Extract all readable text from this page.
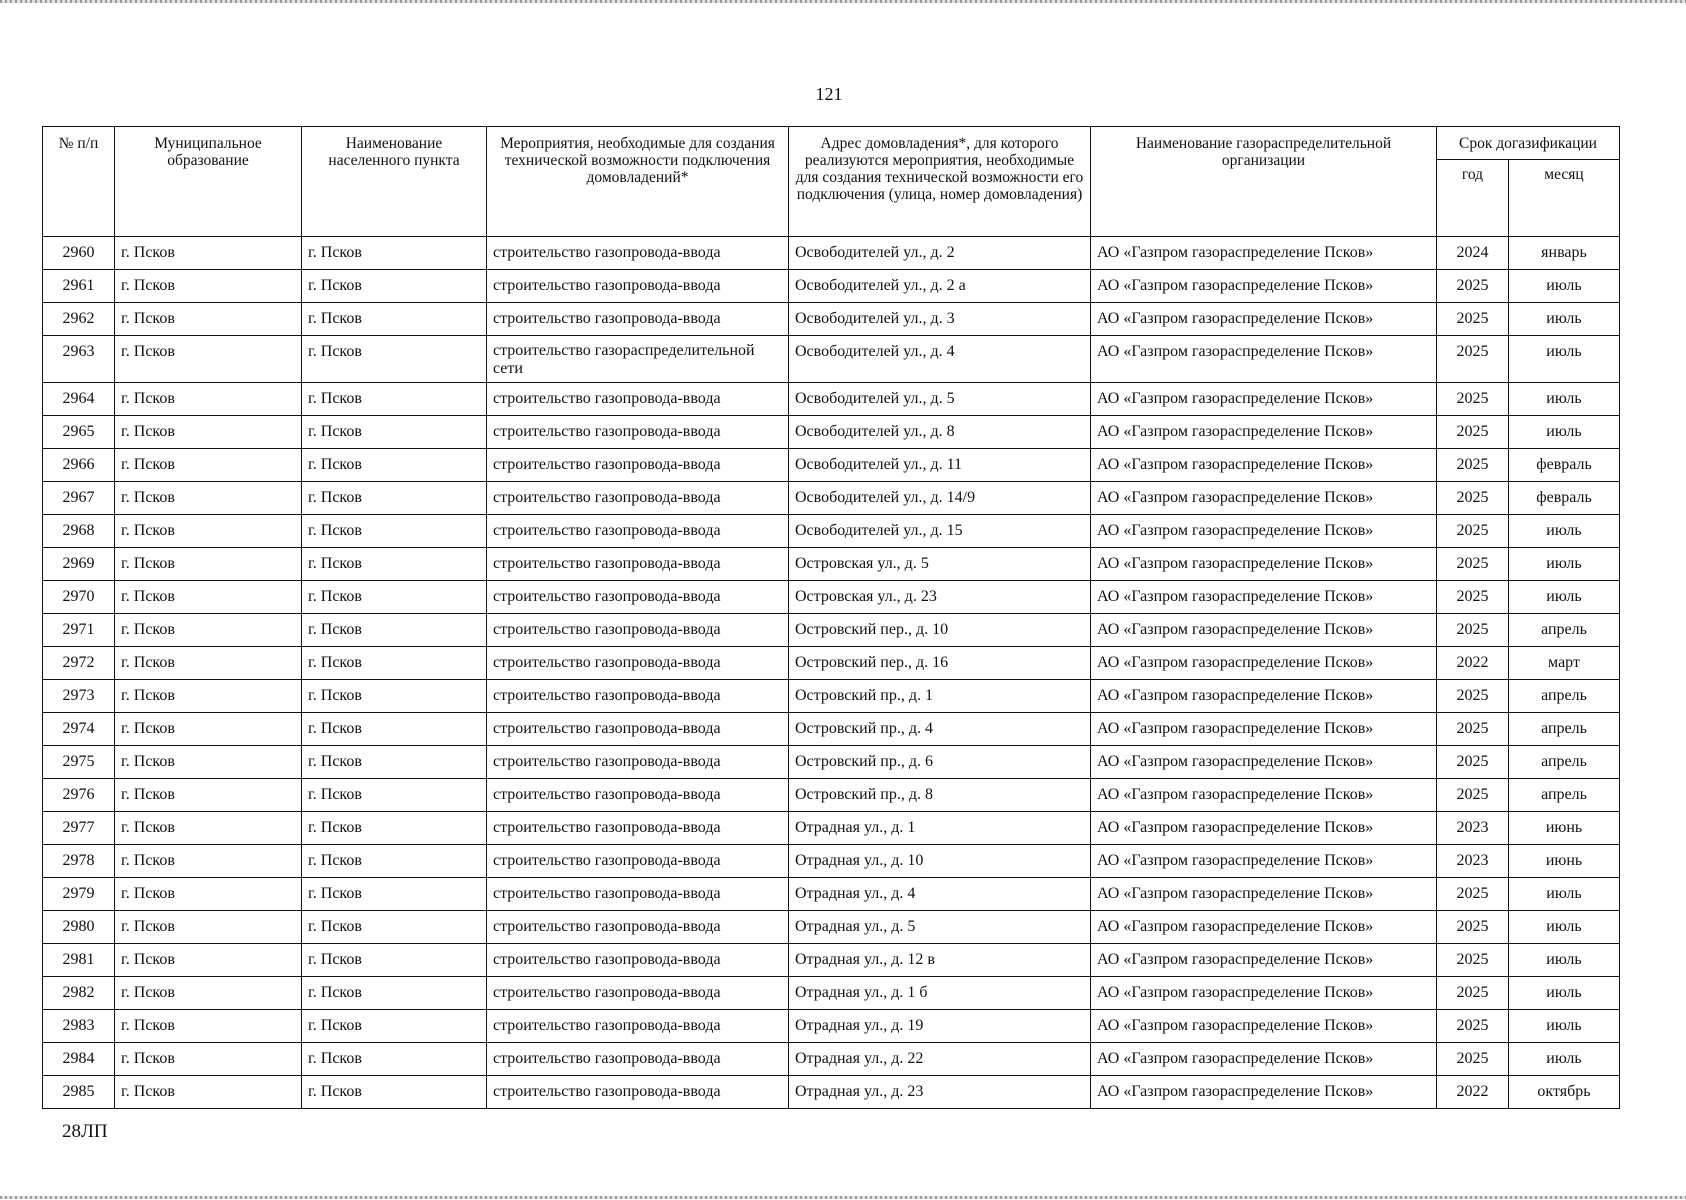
121
№ п/п	Муниципальное образование	Наименование населенного пункта	Мероприятия, необходимые для создания технической возможности подключения домовладений*	Адрес домовладения*, для которого реализуются мероприятия, необходимые для создания технической возможности его подключения (улица, номер домовладения)	Наименование газораспределительной организации	Срок догазификации	
						год	месяц
2960	г. Псков	г. Псков	строительство газопровода-ввода	Освободителей ул., д. 2	АО «Газпром газораспределение Псков»	2024	январь
2961	г. Псков	г. Псков	строительство газопровода-ввода	Освободителей ул., д. 2 а	АО «Газпром газораспределение Псков»	2025	июль
2962	г. Псков	г. Псков	строительство газопровода-ввода	Освободителей ул., д. 3	АО «Газпром газораспределение Псков»	2025	июль
2963	г. Псков	г. Псков	строительство газораспределительной сети	Освободителей ул., д. 4	АО «Газпром газораспределение Псков»	2025	июль
2964	г. Псков	г. Псков	строительство газопровода-ввода	Освободителей ул., д. 5	АО «Газпром газораспределение Псков»	2025	июль
2965	г. Псков	г. Псков	строительство газопровода-ввода	Освободителей ул., д. 8	АО «Газпром газораспределение Псков»	2025	июль
2966	г. Псков	г. Псков	строительство газопровода-ввода	Освободителей ул., д. 11	АО «Газпром газораспределение Псков»	2025	февраль
2967	г. Псков	г. Псков	строительство газопровода-ввода	Освободителей ул., д. 14/9	АО «Газпром газораспределение Псков»	2025	февраль
2968	г. Псков	г. Псков	строительство газопровода-ввода	Освободителей ул., д. 15	АО «Газпром газораспределение Псков»	2025	июль
2969	г. Псков	г. Псков	строительство газопровода-ввода	Островская ул., д. 5	АО «Газпром газораспределение Псков»	2025	июль
2970	г. Псков	г. Псков	строительство газопровода-ввода	Островская ул., д. 23	АО «Газпром газораспределение Псков»	2025	июль
2971	г. Псков	г. Псков	строительство газопровода-ввода	Островский пер., д. 10	АО «Газпром газораспределение Псков»	2025	апрель
2972	г. Псков	г. Псков	строительство газопровода-ввода	Островский пер., д. 16	АО «Газпром газораспределение Псков»	2022	март
2973	г. Псков	г. Псков	строительство газопровода-ввода	Островский пр., д. 1	АО «Газпром газораспределение Псков»	2025	апрель
2974	г. Псков	г. Псков	строительство газопровода-ввода	Островский пр., д. 4	АО «Газпром газораспределение Псков»	2025	апрель
2975	г. Псков	г. Псков	строительство газопровода-ввода	Островский пр., д. 6	АО «Газпром газораспределение Псков»	2025	апрель
2976	г. Псков	г. Псков	строительство газопровода-ввода	Островский пр., д. 8	АО «Газпром газораспределение Псков»	2025	апрель
2977	г. Псков	г. Псков	строительство газопровода-ввода	Отрадная ул., д. 1	АО «Газпром газораспределение Псков»	2023	июнь
2978	г. Псков	г. Псков	строительство газопровода-ввода	Отрадная ул., д. 10	АО «Газпром газораспределение Псков»	2023	июнь
2979	г. Псков	г. Псков	строительство газопровода-ввода	Отрадная ул., д. 4	АО «Газпром газораспределение Псков»	2025	июль
2980	г. Псков	г. Псков	строительство газопровода-ввода	Отрадная ул., д. 5	АО «Газпром газораспределение Псков»	2025	июль
2981	г. Псков	г. Псков	строительство газопровода-ввода	Отрадная ул., д. 12 в	АО «Газпром газораспределение Псков»	2025	июль
2982	г. Псков	г. Псков	строительство газопровода-ввода	Отрадная ул., д. 1 б	АО «Газпром газораспределение Псков»	2025	июль
2983	г. Псков	г. Псков	строительство газопровода-ввода	Отрадная ул., д. 19	АО «Газпром газораспределение Псков»	2025	июль
2984	г. Псков	г. Псков	строительство газопровода-ввода	Отрадная ул., д. 22	АО «Газпром газораспределение Псков»	2025	июль
2985	г. Псков	г. Псков	строительство газопровода-ввода	Отрадная ул., д. 23	АО «Газпром газораспределение Псков»	2022	октябрь
28ЛП
